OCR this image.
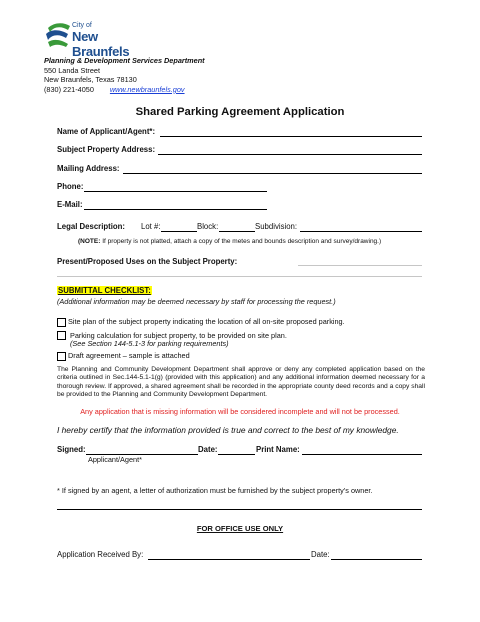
City of
New Braunfels
Planning & Development Services Department
550 Landa Street
New Braunfels, Texas 78130
(830) 221-4050 www.newbraunfels.gov
Shared Parking Agreement Application
Name of Applicant/Agent*:
Subject Property Address:
Mailing Address:
Phone:
E-Mail:
Legal Description: Lot #:	Block:	Subdivision:
(NOTE: If property is not platted, attach a copy of the metes and bounds description and survey/drawing.)
Present/Proposed Uses on the Subject Property:
SUBMITTAL CHECKLIST:
(Additional information may be deemed necessary by staff for processing the request.)
Site plan of the subject property indicating the location of all on-site proposed parking.
Parking calculation for subject property, to be provided on site plan.
(See Section 144-5.1-3 for parking requirements)
Draft agreement – sample is attached
The Planning and Community Development Department shall approve or deny any completed application based on the criteria outlined in Sec.144-5.1-1(g) (provided with this application) and any additional information deemed necessary for a thorough review. If approved, a shared agreement shall be recorded in the appropriate county deed records and a copy shall be provided to the Planning and Community Development Department.
Any application that is missing information will be considered incomplete and will not be processed.
I hereby certify that the information provided is true and correct to the best of my knowledge.
Signed:	Date:	Print Name:
Applicant/Agent*
* If signed by an agent, a letter of authorization must be furnished by the subject property’s owner.
FOR OFFICE USE ONLY
Application Received By:	Date:
